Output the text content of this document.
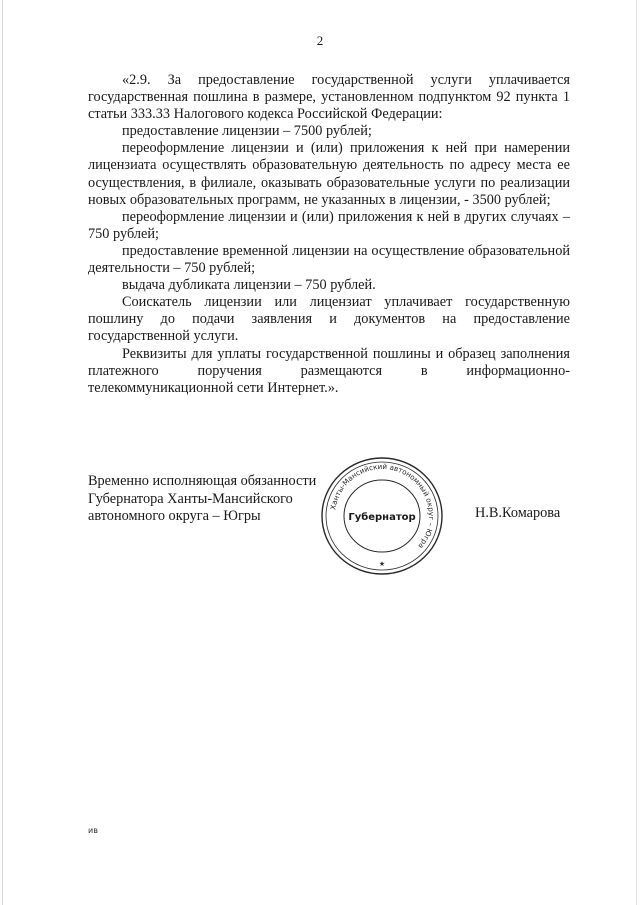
2

«2.9. За предоставление государственной услуги уплачивается государственная пошлина в размере, установленном подпунктом 92 пункта 1 статьи 333.33 Налогового кодекса Российской Федерации:

предоставление лицензии – 7500 рублей;

переоформление лицензии и (или) приложения к ней при намерении лицензиата осуществлять образовательную деятельность по адресу места ее осуществления, в филиале, оказывать образовательные услуги по реализации новых образовательных программ, не указанных в лицензии, - 3500 рублей;

переоформление лицензии и (или) приложения к ней в других случаях – 750 рублей;

предоставление временной лицензии на осуществление образовательной деятельности – 750 рублей;

выдача дубликата лицензии – 750 рублей.

Соискатель лицензии или лицензиат уплачивает государственную пошлину до подачи заявления и документов на предоставление государственной услуги.

Реквизиты для уплаты государственной пошлины и образец заполнения платежного поручения размещаются в информационно-телекоммуникационной сети Интернет.».

Временно исполняющая обязанности
Губернатора Ханты-Мансийского
автономного округа – Югры
Ханты-Мансийский автономный округ – Югра
Губернатор
★
Н.В.Комарова
ив
